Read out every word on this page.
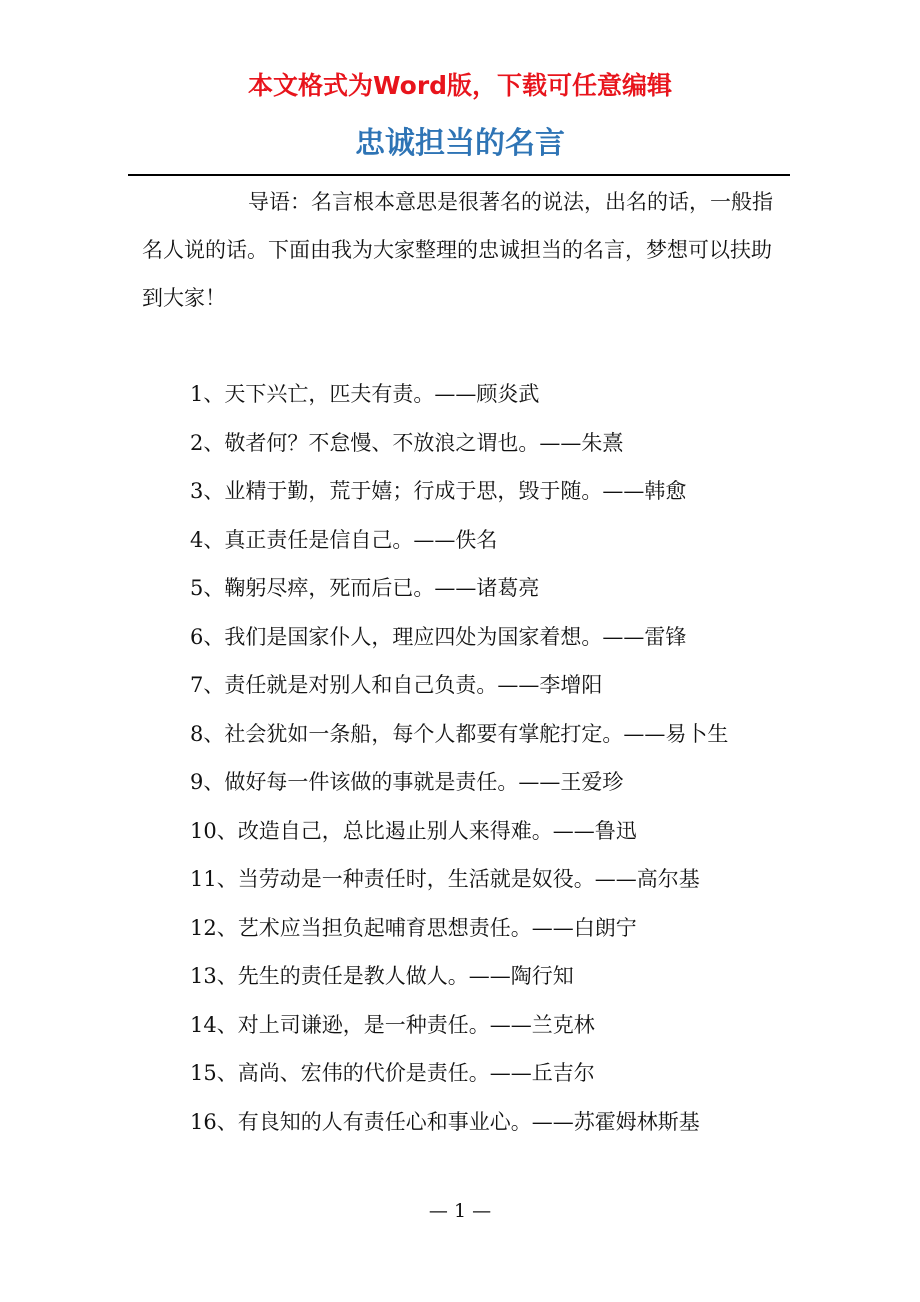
本文格式为Word版，下载可任意编辑
忠诚担当的名言

导语：名言根本意思是很著名的说法，出名的话，一般指名人说的话。下面由我为大家整理的忠诚担当的名言，梦想可以扶助到大家！

1、天下兴亡，匹夫有责。——顾炎武
2、敬者何？不怠慢、不放浪之谓也。——朱熹
3、业精于勤，荒于嬉；行成于思，毁于随。——韩愈
4、真正责任是信自己。——佚名
5、鞠躬尽瘁，死而后已。——诸葛亮
6、我们是国家仆人，理应四处为国家着想。——雷锋
7、责任就是对别人和自己负责。——李增阳
8、社会犹如一条船，每个人都要有掌舵打定。——易卜生
9、做好每一件该做的事就是责任。——王爱珍
10、改造自己，总比遏止别人来得难。——鲁迅
11、当劳动是一种责任时，生活就是奴役。——高尔基
12、艺术应当担负起哺育思想责任。——白朗宁
13、先生的责任是教人做人。——陶行知
14、对上司谦逊，是一种责任。——兰克林
15、高尚、宏伟的代价是责任。——丘吉尔
16、有良知的人有责任心和事业心。——苏霍姆林斯基

— 1 —
